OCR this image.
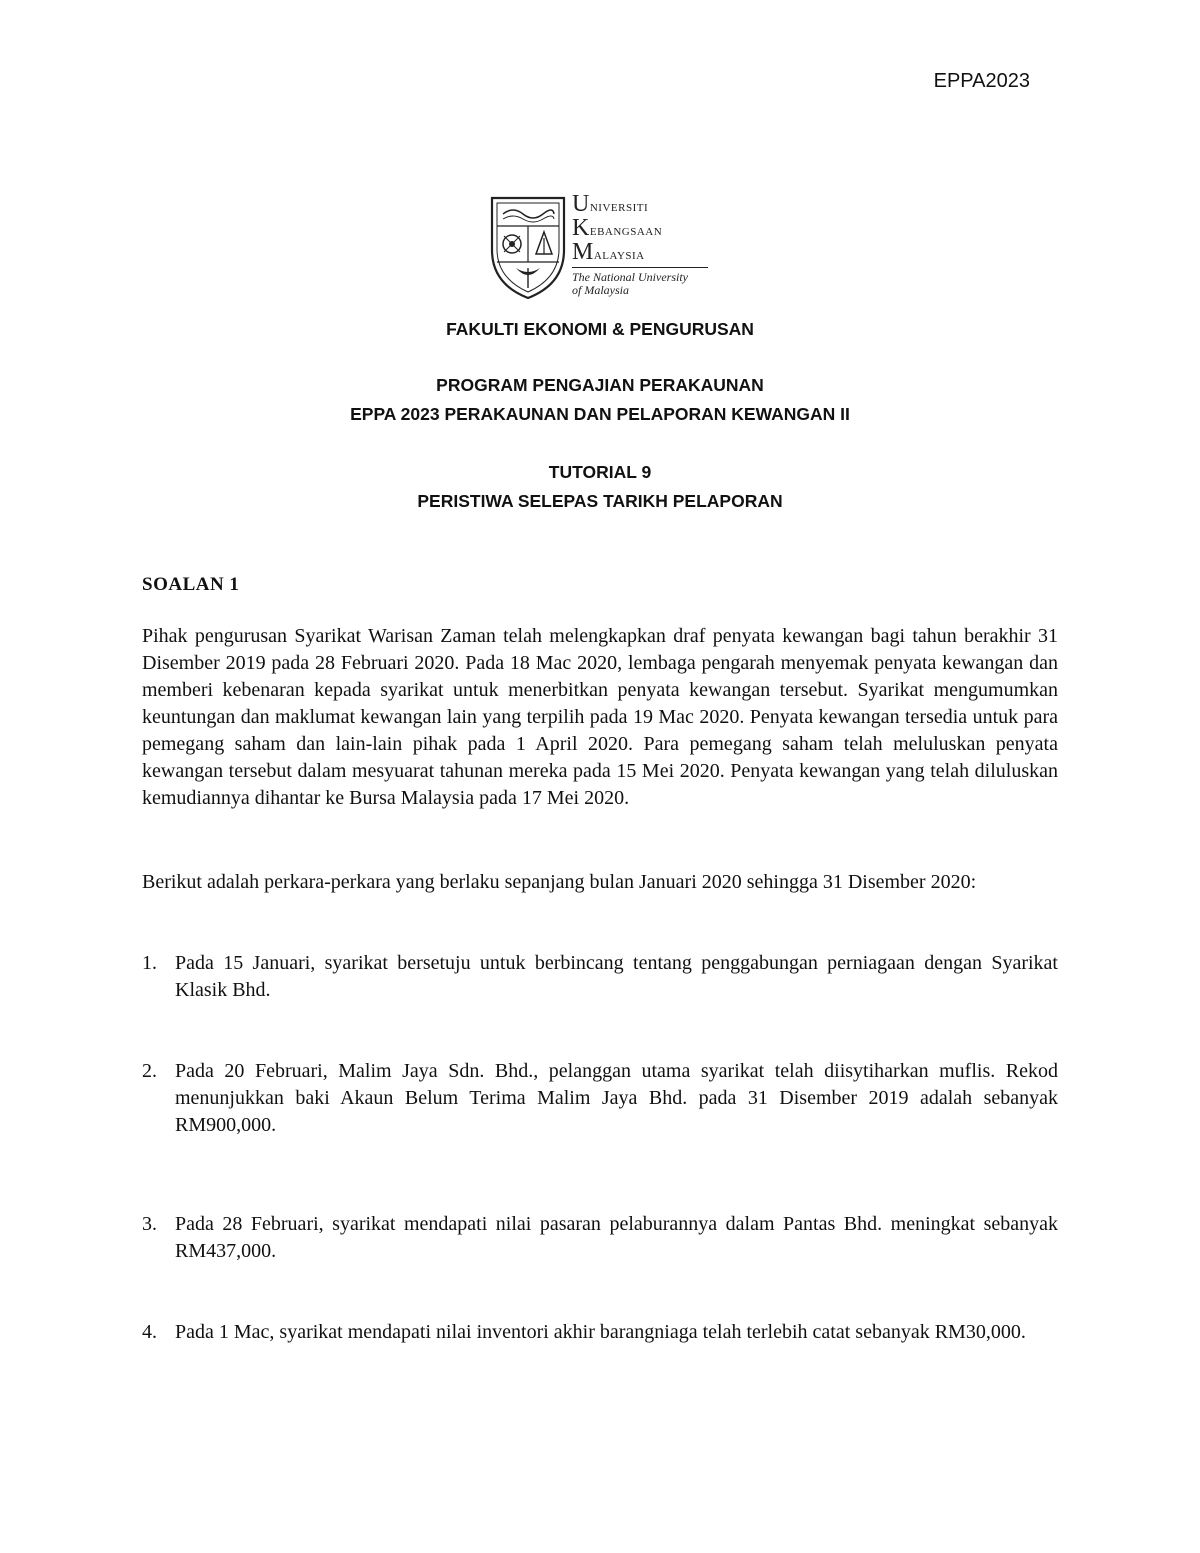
EPPA2023
Universiti
Kebangsaan
Malaysia
The National University
of Malaysia
FAKULTI EKONOMI & PENGURUSAN
PROGRAM PENGAJIAN PERAKAUNAN
EPPA 2023 PERAKAUNAN DAN PELAPORAN KEWANGAN II
TUTORIAL 9
PERISTIWA SELEPAS TARIKH PELAPORAN
SOALAN 1

Pihak pengurusan Syarikat Warisan Zaman telah melengkapkan draf penyata kewangan bagi tahun berakhir 31 Disember 2019 pada 28 Februari 2020. Pada 18 Mac 2020, lembaga pengarah menyemak penyata kewangan dan memberi kebenaran kepada syarikat untuk menerbitkan penyata kewangan tersebut. Syarikat mengumumkan keuntungan dan maklumat kewangan lain yang terpilih pada 19 Mac 2020. Penyata kewangan tersedia untuk para pemegang saham dan lain-lain pihak pada 1 April 2020. Para pemegang saham telah meluluskan penyata kewangan tersebut dalam mesyuarat tahunan mereka pada 15 Mei 2020. Penyata kewangan yang telah diluluskan kemudiannya dihantar ke Bursa Malaysia pada 17 Mei 2020.

Berikut adalah perkara-perkara yang berlaku sepanjang bulan Januari 2020 sehingga 31 Disember 2020:

1. Pada 15 Januari, syarikat bersetuju untuk berbincang tentang penggabungan perniagaan dengan Syarikat Klasik Bhd.
2. Pada 20 Februari, Malim Jaya Sdn. Bhd., pelanggan utama syarikat telah diisytiharkan muflis. Rekod menunjukkan baki Akaun Belum Terima Malim Jaya Bhd. pada 31 Disember 2019 adalah sebanyak RM900,000.
3. Pada 28 Februari, syarikat mendapati nilai pasaran pelaburannya dalam Pantas Bhd. meningkat sebanyak RM437,000.
4. Pada 1 Mac, syarikat mendapati nilai inventori akhir barangniaga telah terlebih catat sebanyak RM30,000.
